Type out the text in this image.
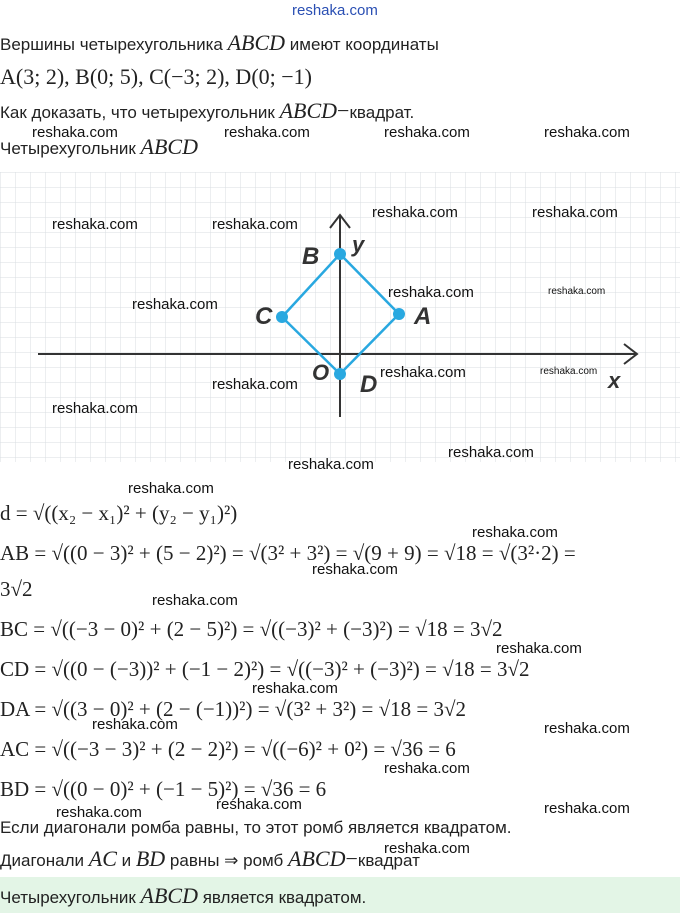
reshaka.com
Вершины четырехугольника ABCD имеют координаты
A(3; 2), B(0; 5), C(−3; 2), D(0; −1)
Как доказать, что четырехугольник ABCD−квадрат.
Четырехугольник ABCD
B y
A
C
O D	x
d = √((x₂ − x₁)² + (y₂ − y₁)²)
AB = √((0 − 3)² + (5 − 2)²) = √(3² + 3²) = √(9 + 9) = √18 = √(3²·2) =
3√2
BC = √((−3 − 0)² + (2 − 5)²) = √((−3)² + (−3)²) = √18 = 3√2
CD = √((0 − (−3))² + (−1 − 2)²) = √((−3)² + (−3)²) = √18 = 3√2
DA = √((3 − 0)² + (2 − (−1))²) = √(3² + 3²) = √18 = 3√2
AC = √((−3 − 3)² + (2 − 2)²) = √((−6)² + 0²) = √36 = 6
BD = √((0 − 0)² + (−1 − 5)²) = √36 = 6
Если диагонали ромба равны, то этот ромб является квадратом.
Диагонали AC и BD равны ⇒ ромб ABCD−квадрат
Четырехугольник ABCD является квадратом.
reshaka.com	reshaka.com	reshaka.com	reshaka.com
reshaka.com	reshaka.com
reshaka.com	reshaka.com
reshaka.com
reshaka.com	reshaka.com
reshaka.com
reshaka.com	reshaka.com
reshaka.com
reshaka.com
reshaka.com
reshaka.com
reshaka.com
reshaka.com
reshaka.com
reshaka.com
reshaka.com
reshaka.com	reshaka.com
reshaka.com
reshaka.com	reshaka.com	reshaka.com
reshaka.com
